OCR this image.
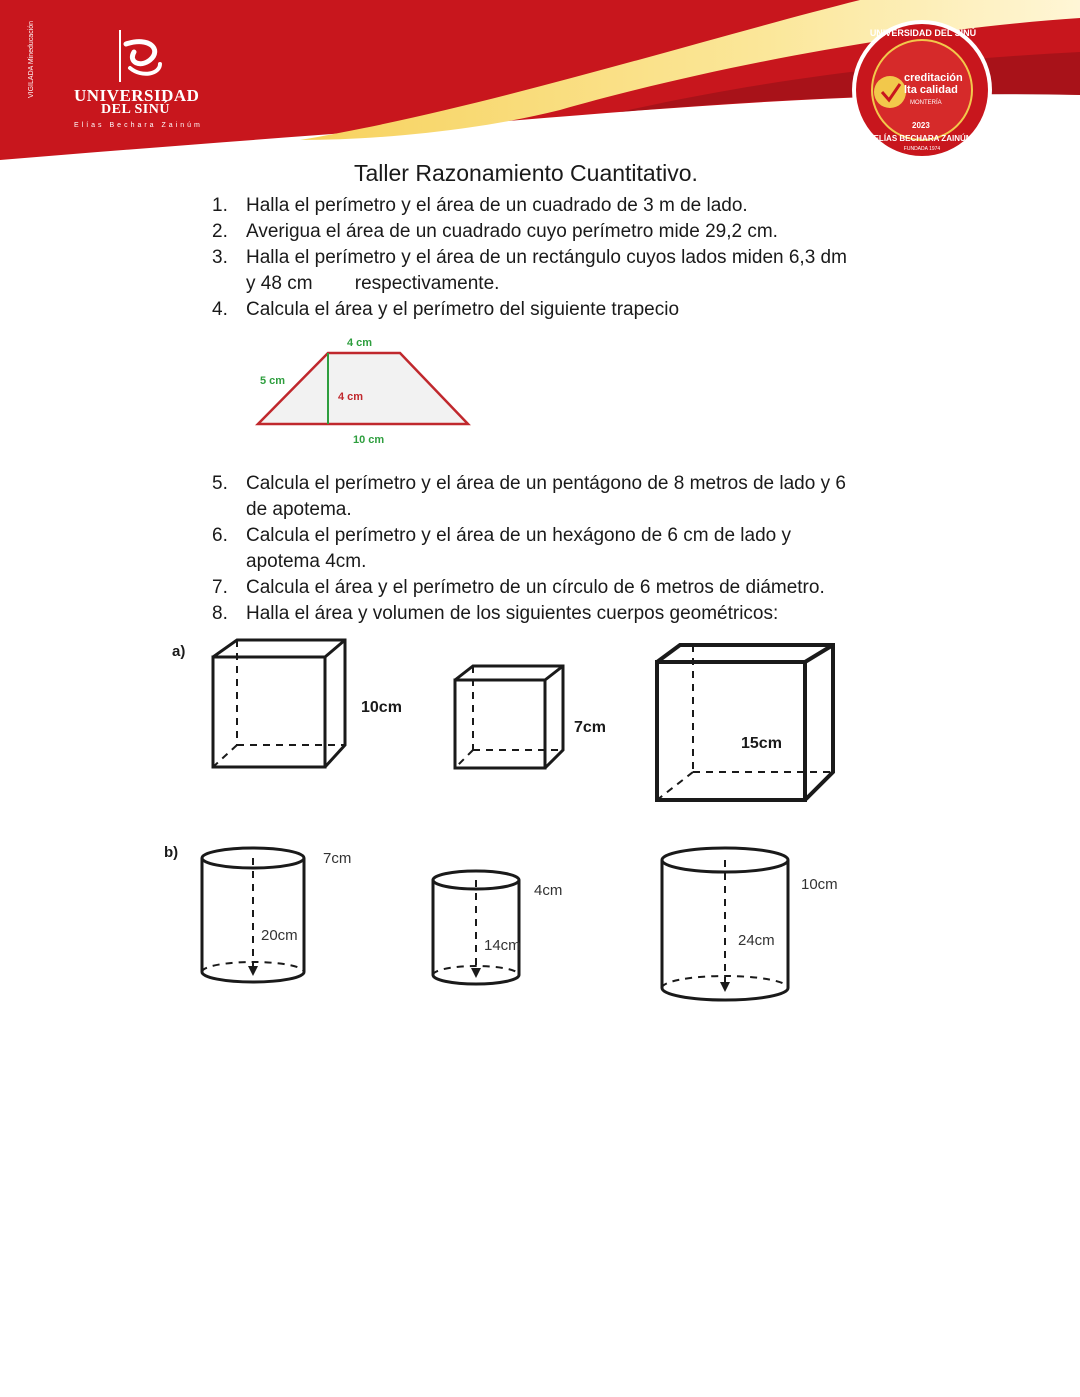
VIGILADA Mineducación UNIVERSIDAD
DEL SINÚ
Elías Bechara Zainúm
UNIVERSIDAD DEL SINÚ
creditación
lta calidad
MONTERÍA
2023
ELÍAS BECHARA ZAINÚM
FUNDADA 1974
Taller Razonamiento Cuantitativo.
1. Halla el perímetro y el área de un cuadrado de 3 m de lado.
2. Averigua el área de un cuadrado cuyo perímetro mide 29,2 cm.
3. Halla el perímetro y el área de un rectángulo cuyos lados miden 6,3 dm
y 48 cm        respectivamente.
4. Calcula el área y el perímetro del siguiente trapecio
4 cm
5 cm
4 cm
10 cm
5. Calcula el perímetro y el área de un pentágono de 8 metros de lado y 6
de apotema.
6. Calcula el perímetro y el área de un hexágono de 6 cm de lado y
apotema 4cm.
7. Calcula el área y el perímetro de un círculo de 6 metros de diámetro.
8. Halla el área y volumen de los siguientes cuerpos geométricos:
a)
b)
10cm
7cm
15cm
7cm
20cm
4cm
14cm
10cm
24cm
